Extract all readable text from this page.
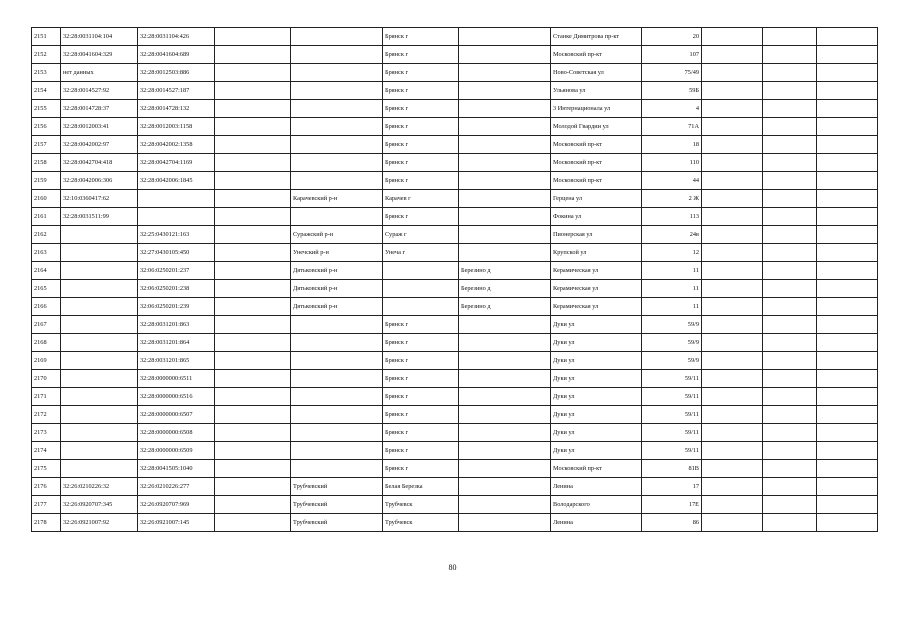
2151	32:28:0031104:104	32:28:0031104:426			Брянск г		Станке Димитрова пр-кт	20			
2152	32:28:0041604:329	32:28:0041604:689			Брянск г		Московский пр-кт	107			
2153	нет данных	32:28:0012503:886			Брянск г		Ново-Советская ул	75/49			
2154	32:28:0014527:92	32:28:0014527:187			Брянск г		Ульянова ул	59Б			
2155	32:28:0014728:37	32:28:0014728:132			Брянск г		3 Интернационала ул	4			
2156	32:28:0012003:41	32:28:0012003:1158			Брянск г		Молодой Гвардии ул	71А			
2157	32:28:0042002:97	32:28:0042002:1358			Брянск г		Московский пр-кт	18			
2158	32:28:0042704:418	32:28:0042704:1169			Брянск г		Московский пр-кт	110			
2159	32:28:0042006:306	32:28:0042006:1845			Брянск г		Московский пр-кт	44			
2160	32:10:0360417:62			Карачевский р-н	Карачев г		Герцена ул	2 Ж			
2161	32:28:0031511:99				Брянск г		Фокина ул	113			
2162		32:25:0430121:163		Суражский р-н	Сураж г		Пионерская ул	24в			
2163		32:27:0430105:450		Унечский р-н	Унеча г		Крупской ул	12			
2164		32:06:0250201:237		Дятьковский р-н		Березино д	Керамическая ул	11			
2165		32:06:0250201:238		Дятьковский р-н		Березино д	Керамическая ул	11			
2166		32:06:0250201:239		Дятьковский р-н		Березино д	Керамическая ул	11			
2167		32:28:0031201:863			Брянск г		Дуки ул	59/9			
2168		32:28:0031201:864			Брянск г		Дуки ул	59/9			
2169		32:28:0031201:865			Брянск г		Дуки ул	59/9			
2170		32:28:0000000:6511			Брянск г		Дуки ул	59/11			
2171		32:28:0000000:6516			Брянск г		Дуки ул	59/11			
2172		32:28:0000000:6507			Брянск г		Дуки ул	59/11			
2173		32:28:0000000:6508			Брянск г		Дуки ул	59/11			
2174		32:28:0000000:6509			Брянск г		Дуки ул	59/11			
2175		32:28:0041505:1040			Брянск г		Московский пр-кт	81В			
2176	32:26:0210226:32	32:26:0210226:277		Трубчевский	Белая Березка		Ленина	17			
2177	32:26:0920707:345	32:26:0920707:969		Трубчевский	Трубчевск		Володарского	17Е			
2178	32:26:0921007:92	32:26:0921007:145		Трубчевский	Трубчевск		Ленина	86			
80
